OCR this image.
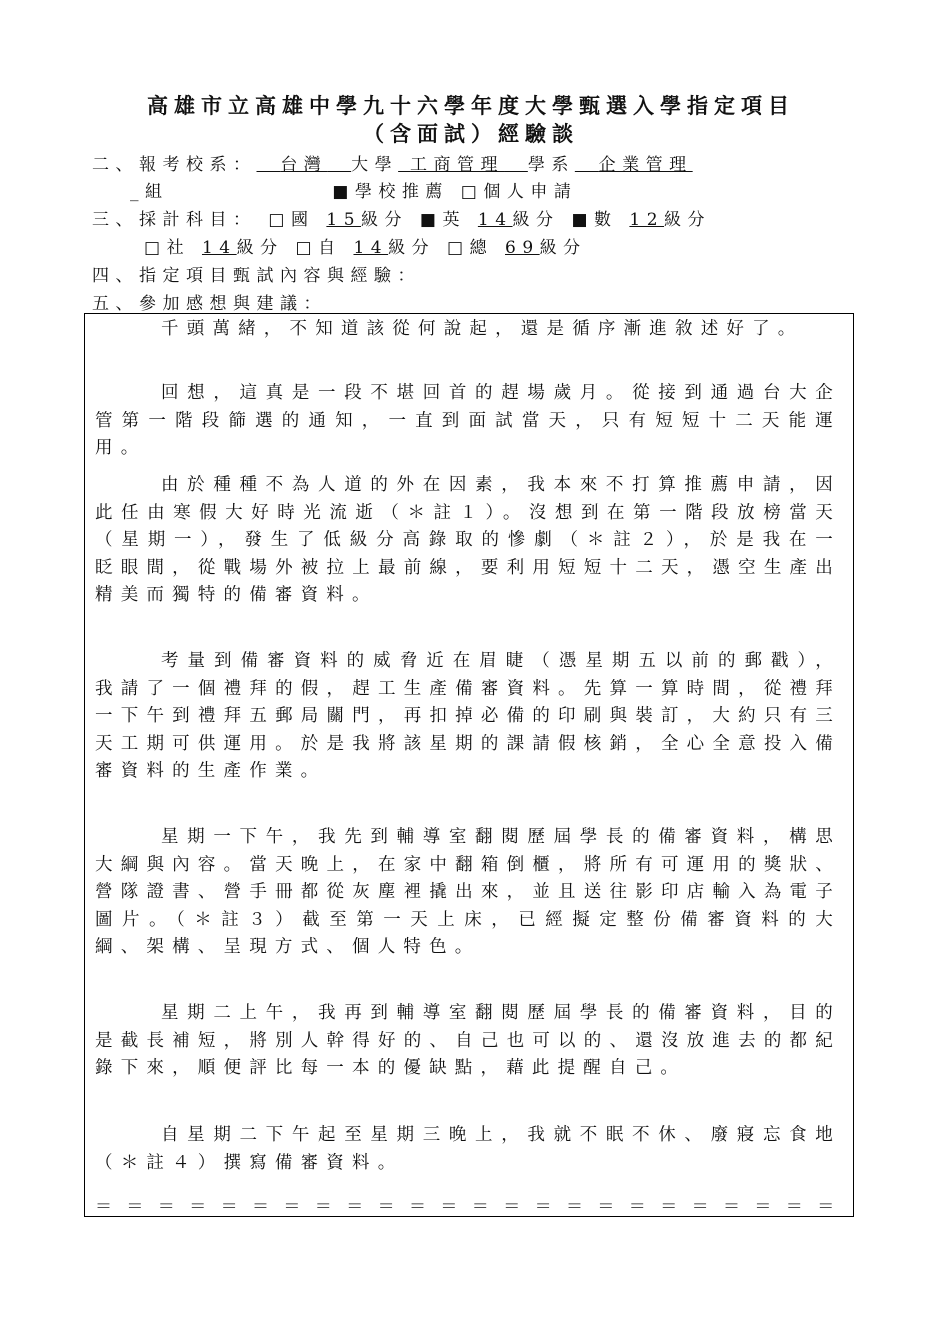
高雄市立高雄中學九十六學年度大學甄選入學指定項目
（含面試）經驗談
二、報考校系： 台灣 大學 工商管理 學系 企業管理
_組	■學校推薦 □個人申請
三、採計科目： □國 15級分 ■英 14級分 ■數 12級分
□社 14級分 □自 14級分 □總 69級分
四、指定項目甄試內容與經驗：
五、參加感想與建議：
千頭萬緒，不知道該從何說起，還是循序漸進敘述好了。
回想，這真是一段不堪回首的趕場歲月。從接到通過台大企管第一階段篩選的通知，一直到面試當天，只有短短十二天能運用。
由於種種不為人道的外在因素，我本來不打算推薦申請，因此任由寒假大好時光流逝（＊註１）。沒想到在第一階段放榜當天（星期一），發生了低級分高錄取的慘劇（＊註２），於是我在一眨眼間，從戰場外被拉上最前線，要利用短短十二天，憑空生產出精美而獨特的備審資料。
考量到備審資料的威脅近在眉睫（憑星期五以前的郵戳），我請了一個禮拜的假，趕工生產備審資料。先算一算時間，從禮拜一下午到禮拜五郵局關門，再扣掉必備的印刷與裝訂，大約只有三天工期可供運用。於是我將該星期的課請假核銷，全心全意投入備審資料的生產作業。
星期一下午，我先到輔導室翻閱歷屆學長的備審資料，構思大綱與內容。當天晚上，在家中翻箱倒櫃，將所有可運用的獎狀、營隊證書、營手冊都從灰塵裡撬出來，並且送往影印店輸入為電子圖片。（＊註３）截至第一天上床，已經擬定整份備審資料的大綱、架構、呈現方式、個人特色。
星期二上午，我再到輔導室翻閱歷屆學長的備審資料，目的是截長補短，將別人幹得好的、自己也可以的、還沒放進去的都紀錄下來，順便評比每一本的優缺點，藉此提醒自己。
自星期二下午起至星期三晚上，我就不眠不休、廢寢忘食地（＊註４）撰寫備審資料。
＝＝＝＝＝＝＝＝＝＝＝＝＝＝＝＝＝＝＝＝＝＝＝＝
